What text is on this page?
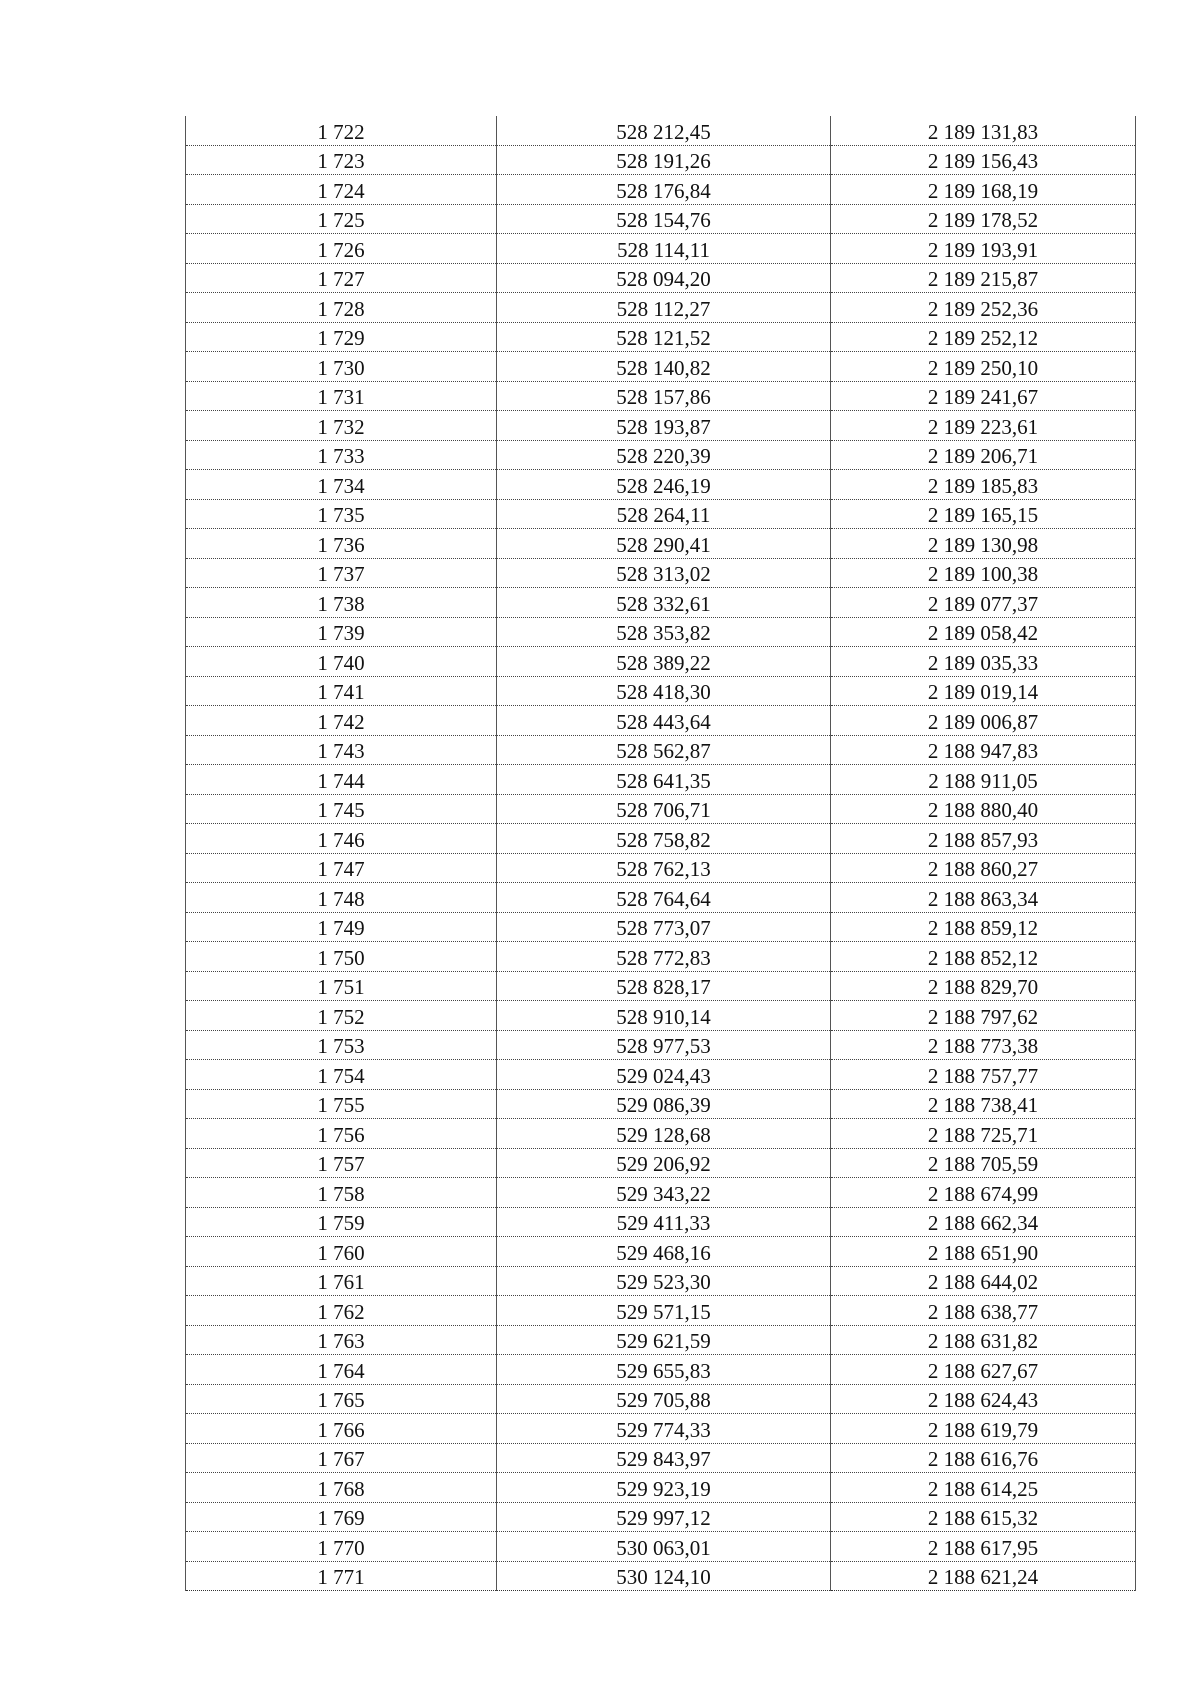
1 722	528 212,45	2 189 131,83
1 723	528 191,26	2 189 156,43
1 724	528 176,84	2 189 168,19
1 725	528 154,76	2 189 178,52
1 726	528 114,11	2 189 193,91
1 727	528 094,20	2 189 215,87
1 728	528 112,27	2 189 252,36
1 729	528 121,52	2 189 252,12
1 730	528 140,82	2 189 250,10
1 731	528 157,86	2 189 241,67
1 732	528 193,87	2 189 223,61
1 733	528 220,39	2 189 206,71
1 734	528 246,19	2 189 185,83
1 735	528 264,11	2 189 165,15
1 736	528 290,41	2 189 130,98
1 737	528 313,02	2 189 100,38
1 738	528 332,61	2 189 077,37
1 739	528 353,82	2 189 058,42
1 740	528 389,22	2 189 035,33
1 741	528 418,30	2 189 019,14
1 742	528 443,64	2 189 006,87
1 743	528 562,87	2 188 947,83
1 744	528 641,35	2 188 911,05
1 745	528 706,71	2 188 880,40
1 746	528 758,82	2 188 857,93
1 747	528 762,13	2 188 860,27
1 748	528 764,64	2 188 863,34
1 749	528 773,07	2 188 859,12
1 750	528 772,83	2 188 852,12
1 751	528 828,17	2 188 829,70
1 752	528 910,14	2 188 797,62
1 753	528 977,53	2 188 773,38
1 754	529 024,43	2 188 757,77
1 755	529 086,39	2 188 738,41
1 756	529 128,68	2 188 725,71
1 757	529 206,92	2 188 705,59
1 758	529 343,22	2 188 674,99
1 759	529 411,33	2 188 662,34
1 760	529 468,16	2 188 651,90
1 761	529 523,30	2 188 644,02
1 762	529 571,15	2 188 638,77
1 763	529 621,59	2 188 631,82
1 764	529 655,83	2 188 627,67
1 765	529 705,88	2 188 624,43
1 766	529 774,33	2 188 619,79
1 767	529 843,97	2 188 616,76
1 768	529 923,19	2 188 614,25
1 769	529 997,12	2 188 615,32
1 770	530 063,01	2 188 617,95
1 771	530 124,10	2 188 621,24
